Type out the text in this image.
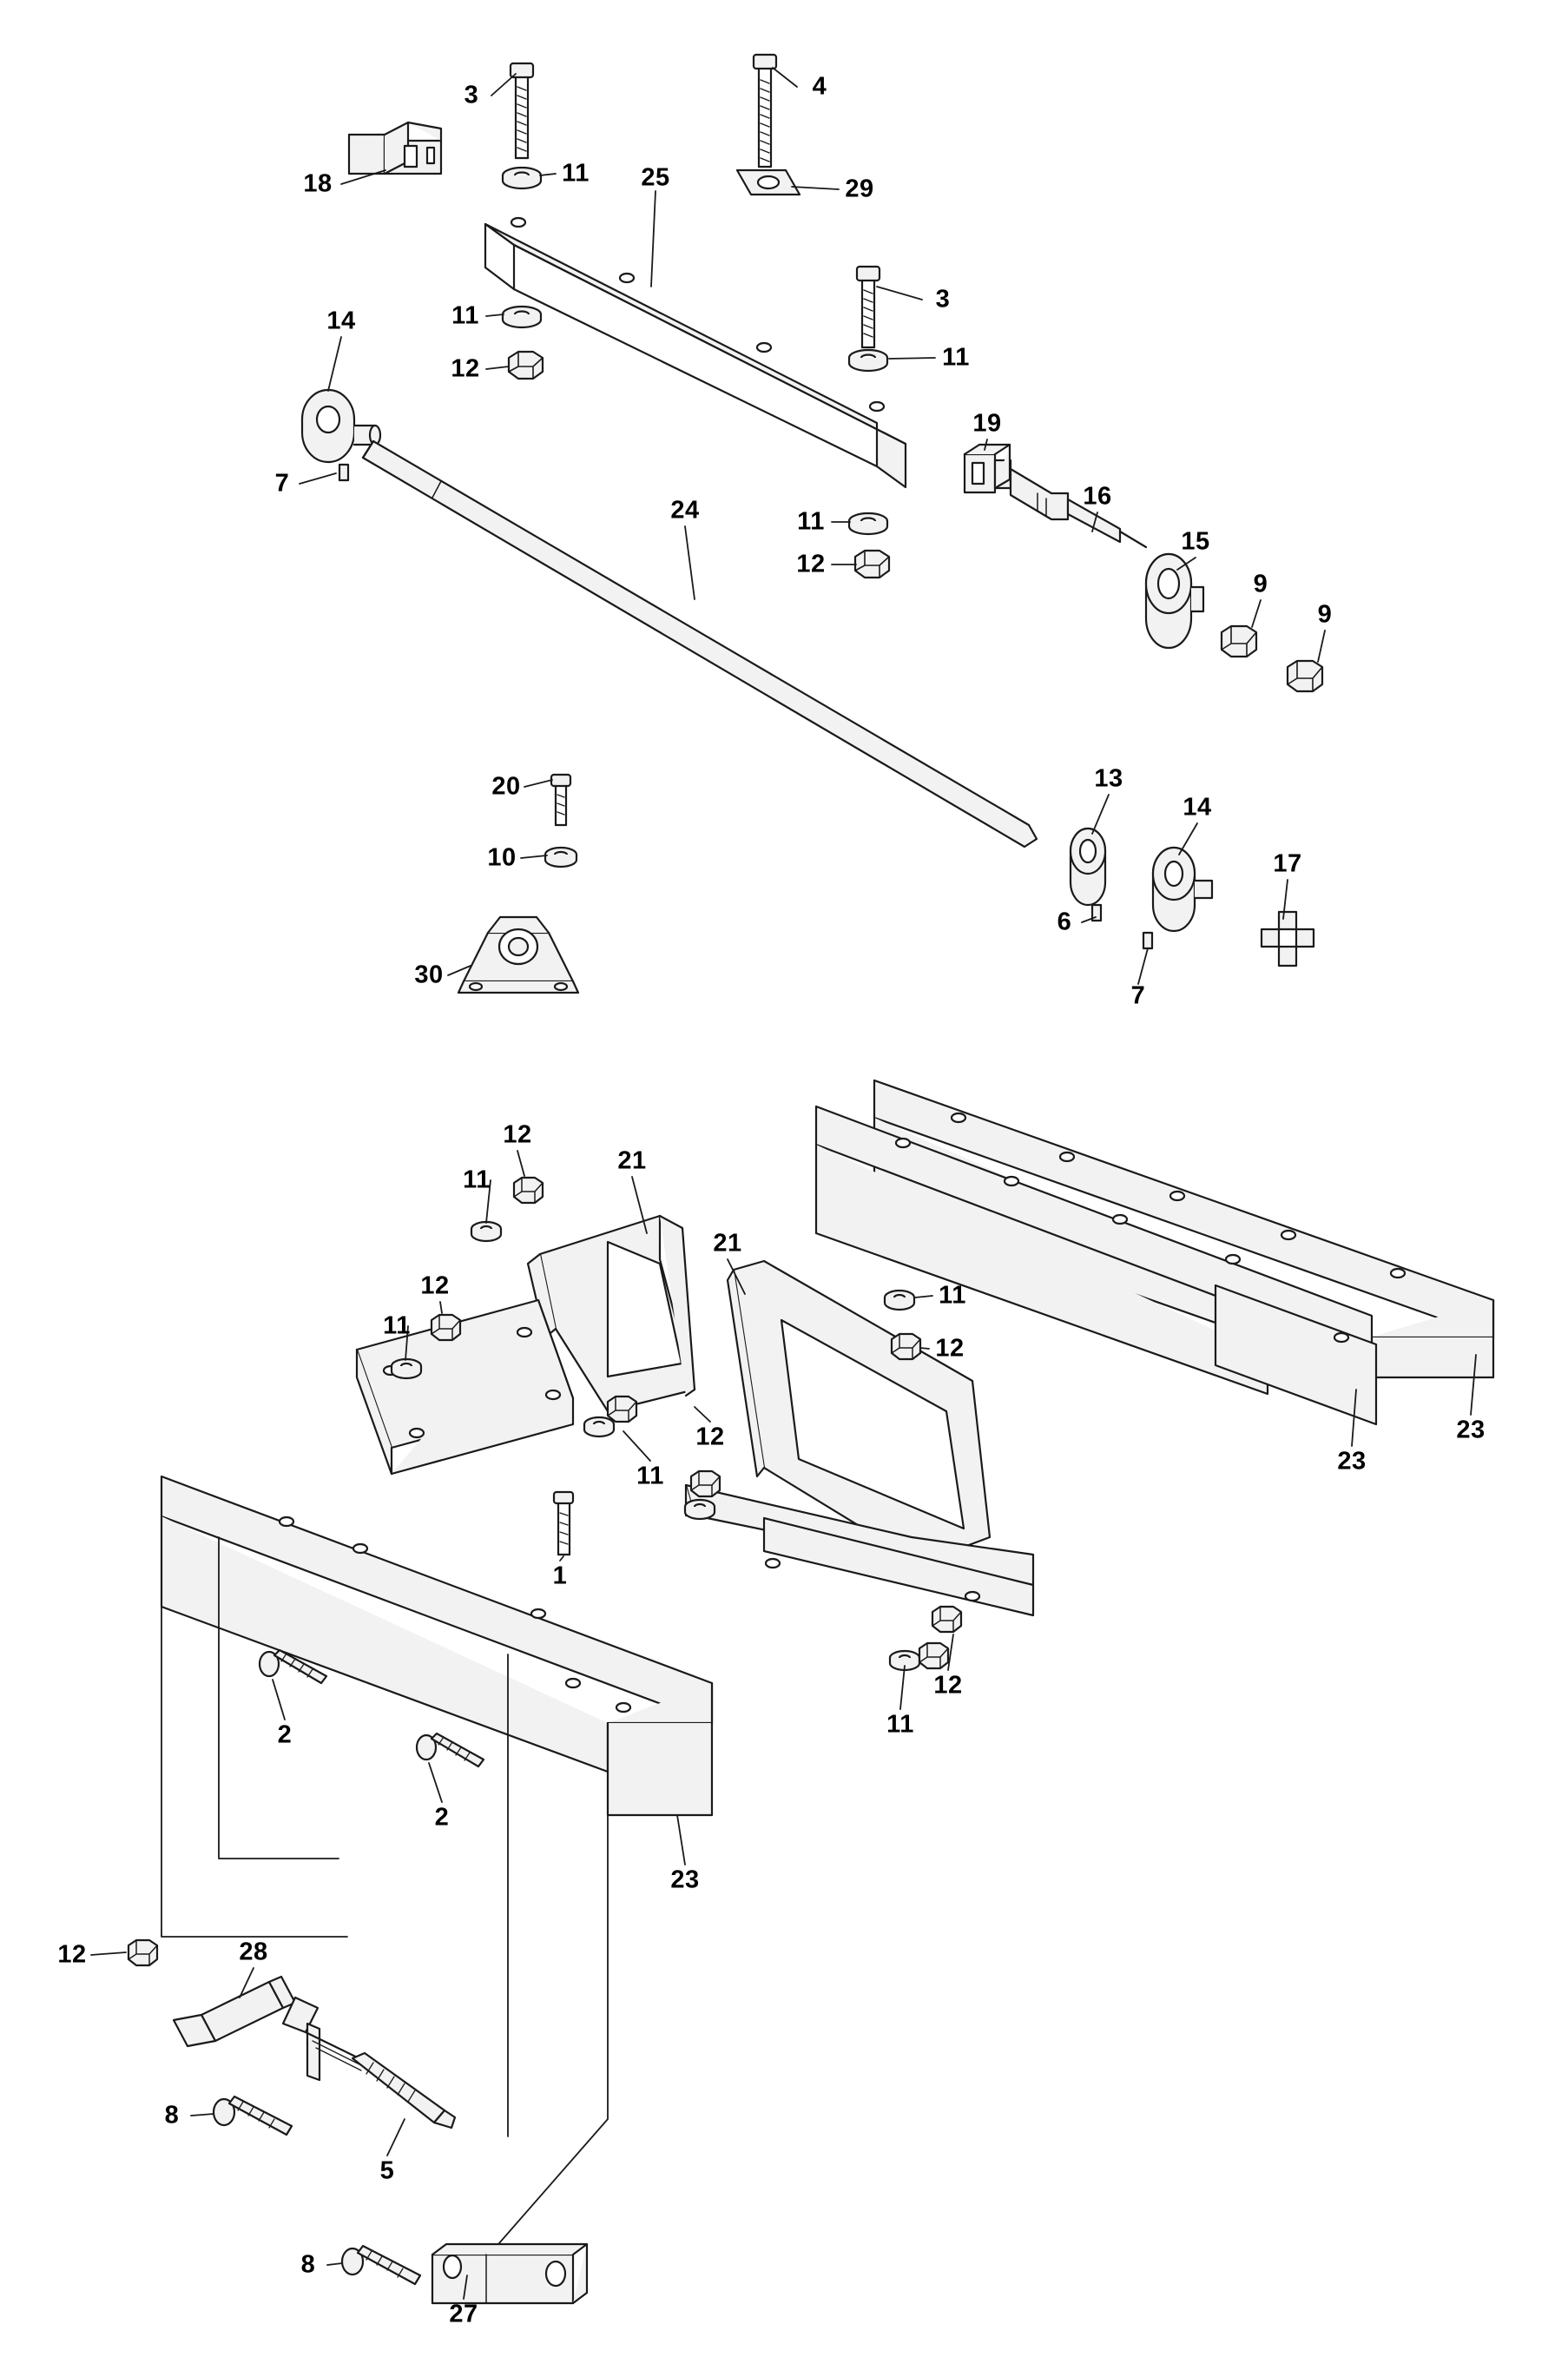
3	4
11 25	29
18
11
3
12	11
14
19
16
7
11
15
9
24
12
9
20	13
14
10	17
6
30
7
12
21
11
21
12	11
11
12
23
23
12
11
1
12
11
2
2
23
12	28
8
5
8
27
